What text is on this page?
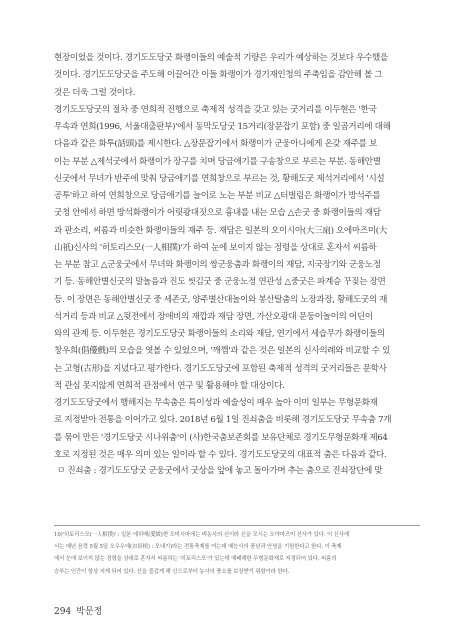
현장이었을 것이다. 경기도도당굿 화랭이들의 예술적 기량은 우리가 예상하는 것보다 우수했을
것이다. 경기도도당굿을 주도해 이끌어간 이들 화랭이가 경기재인청의 주축임을 감안해 볼 그
것은 더욱 그럴 것이다.
경기도도당굿의 절차 중 연희적 진행으로 축제적 성격을 갖고 있는 굿거리를 이두현은 '한국
무속과 연희(1996, 서울대출판부)'에서 동막도당굿 15거리(장문잡기 포함) 중 일곱거리에 대해
다음과 같은 화투(話頭)를 제시한다. △장문잡기에서 화랭이가 군웅아니에게 온갖 재주를 보
이는 부분 △제석굿에서 화랭이가 장구를 치며 당금애기를 구송창으로 부르는 부분. 동해안별
신굿에서 무녀가 반주에 맞춰 당금애기를 연희창으로 부르는 것, 황해도굿 제석거리에서 '시설
공투'하고 하여 연희창으로 당금애기를 늘이로 노는 부분 비교 △터벌림은 화랭이가 방석주를
굿청 안에서 하면 방석화랭이가 어릿광대짓으로 흉내를 내는 모습 △손굿 중 화랭이들의 재담
과 판소리, 씨름과 비슷한 화랭이들의 재주 등. 재담은 일본의 오이시아(大三扇) 오에마즈미(大
山祇)신사의 '히토리스모(一人相撲)'가 하여 눈에 보이지 않는 정령을 상대로 혼자서 씨름하
는 부분 참고 △군웅굿에서 무녀와 화랭이의 쌍군웅춤과 화랭이의 재담, 지국장기와 군웅노정
기 등. 동해안별신굿의 말놀음과 진도 씻김굿 중 군웅노정 연관성 △중굿은 파계승 꾸짖는 장면
등. 이 장면은 동해안별신굿 중 세존굿, 양주별산대놀이와 봉산탈춤의 노장과장, 황해도굿의 재
석거리 등과 비교 △뒷전에서 장애비의 재깝과 재담 장면, 가산오광대 문둥이놀이의 어딘이
와의 관계 등. 이두현은 경기도도당굿 화랭이들의 소리와 재담, 연기에서 세습무가 화랭이들의
창우희(倡優戲)의 모습을 엿볼 수 있었으며, '깨깸'과 같은 것은 일본의 신사의례와 비교할 수 있
는 고형(古形)을 지녔다고 평가한다. 경기도도당굿에 포함된 축제적 성격의 굿거리들은 문학사
적 관심 못지않게 연희적 관점에서 연구 및 활용해야 할 대상이다.
경기도도당굿에서 행해지는 무속춤은 특이성과 예술성이 매우 높아 이미 일부는 무형문화재
로 지정받아 전통을 이어가고 있다. 2018년 6월 1일 진쇠춤을 비롯해 경기도도당굿 무속춤 7개
를 묶어 만든 '경기도당굿 시나위춤'이 (사)한국춤보존회를 보유단체로 경기도무형문화재 제64
호로 지정된 것은 매우 의미 있는 일이라 할 수 있다. 경기도도당굿의 대표적 춤은 다음과 같다.
ㅁ 진쇠춤 : 경기도도당굿 군웅굿에서 굿상을 앞에 놓고 돌아가며 추는 춤으로 진쇠장단에 맞
10)'히토리스모(一人相撲)' : 일본 에히메(愛媛)현 오미시마에는 벼농사의 신이라 신을 모시는 오야마즈미 신사가 있다. 이 신사에
서는 매년 음력 5월 5일 오우우에(お田植) : 모내기)라는 전통축제를 여는데 예능사의 풍년과 안녕을 기원한다고 한다. 이 축제
에서 눈에 보이지 않는 정령을 상대로 혼자서 씨름하는 '히토리스모'가 있는데 예배해한 무형문화재로 지정되어 있다. 씨름의
승부는 인간이 항상 지게 되어 있다. 신을 즐겁게 해 신으로부터 농사의 풍요를 보장받기 위함이라 한다.
294 박문정
